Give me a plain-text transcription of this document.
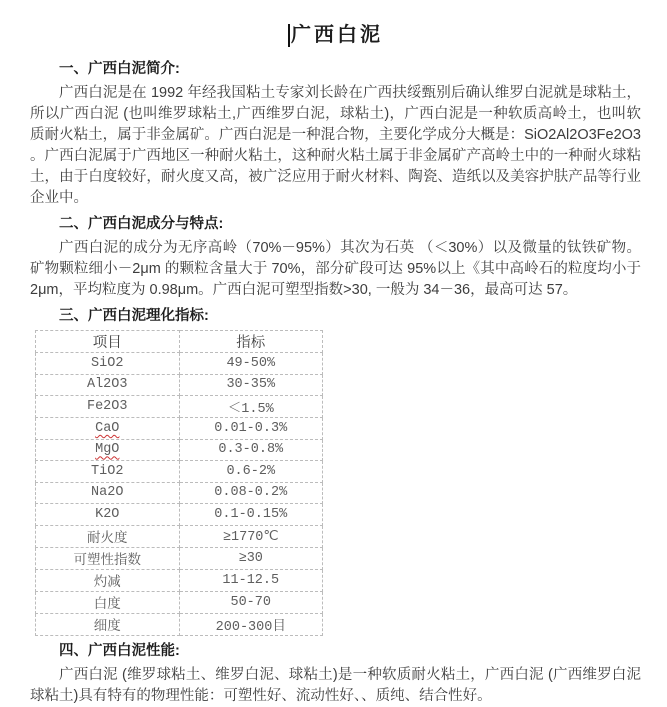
广西白泥
一、广西白泥简介:

广西白泥是在 1992 年经我国粘土专家刘长龄在广西扶绥甄别后确认维罗白泥就是球粘土，所以广西白泥 (也叫维罗球粘土,广西维罗白泥，球粘土)，广西白泥是一种软质高岭土，也叫软质耐火粘土，属于非金属矿。广西白泥是一种混合物，主要化学成分大概是：SiO2Al2O3Fe2O3 。广西白泥属于广西地区一种耐火粘土，这种耐火粘土属于非金属矿产高岭土中的一种耐火球粘土，由于白度较好，耐火度又高，被广泛应用于耐火材料、陶瓷、造纸以及美容护肤产品等行业企业中。

二、广西白泥成分与特点:

广西白泥的成分为无序高岭（70%－95%）其次为石英 （＜30%）以及微量的钛铁矿物。矿物颗粒细小－2μm 的颗粒含量大于 70%，部分矿段可达 95%以上《其中高岭石的粒度均小于 2μm，平均粒度为 0.98μm。广西白泥可塑型指数>30, 一般为 34－36，最高可达 57。

三、广西白泥理化指标:
项目	指标
SiO2	49-50%
Al2O3	30-35%
Fe2O3	＜1.5%
CaO	0.01-0.3%
MgO	0.3-0.8%
TiO2	0.6-2%
Na2O	0.08-0.2%
K2O	0.1-0.15%
耐火度	≥1770℃
可塑性指数	≥30
灼减	11-12.5
白度	50-70
细度	200-300目
四、广西白泥性能:

广西白泥 (维罗球粘土、维罗白泥、球粘土)是一种软质耐火粘土，广西白泥 (广西维罗白泥球粘土)具有特有的物理性能：可塑性好、流动性好、、质纯、结合性好。
